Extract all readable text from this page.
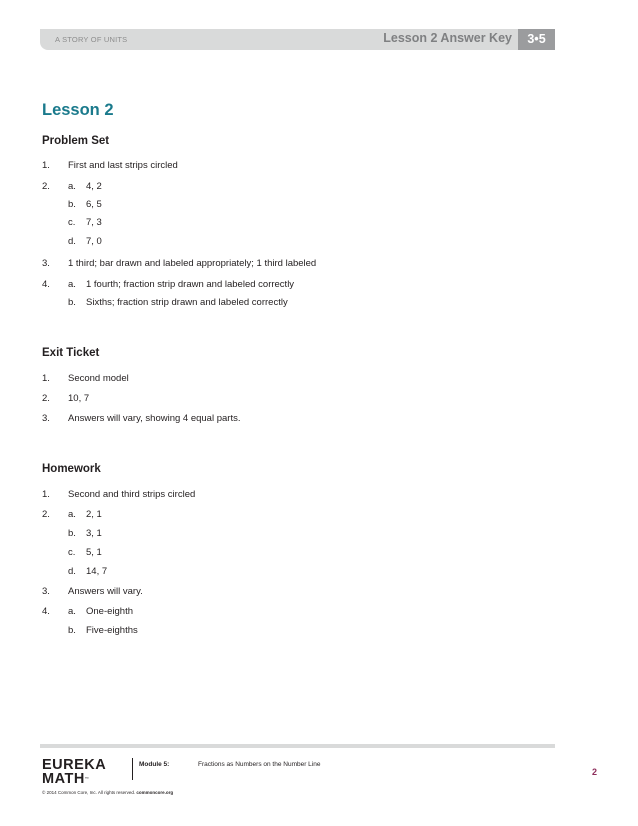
A STORY OF UNITS	Lesson 2 Answer Key	3•5
Lesson 2
Problem Set
1. First and last strips circled
2. a. 4, 2
b. 6, 5
c. 7, 3
d. 7, 0
3. 1 third; bar drawn and labeled appropriately; 1 third labeled
4. a. 1 fourth; fraction strip drawn and labeled correctly
b. Sixths; fraction strip drawn and labeled correctly
Exit Ticket
1. Second model
2. 10, 7
3. Answers will vary, showing 4 equal parts.
Homework
1. Second and third strips circled
2. a. 2, 1
b. 3, 1
c. 5, 1
d. 14, 7
3. Answers will vary.
4. a. One-eighth
b. Five-eighths
EUREKA
MATH™
Module 5:	Fractions as Numbers on the Number Line
© 2014 Common Core, Inc. All rights reserved. commoncore.org
2
